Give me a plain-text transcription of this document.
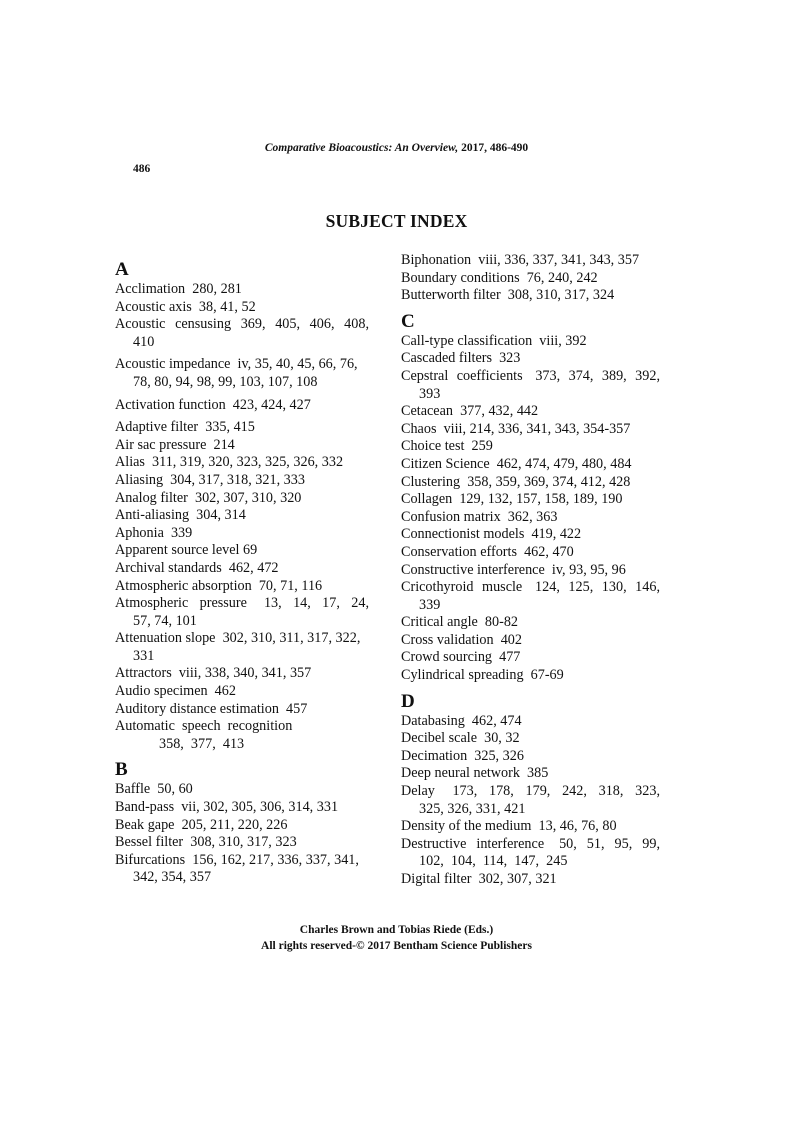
Comparative Bioacoustics: An Overview, 2017, 486-490
486
SUBJECT INDEX
A
Acclimation  280, 281
Acoustic axis  38, 41, 52
Acoustic  censusing  369,  405,  406,  408, 410
Acoustic impedance  iv, 35, 40, 45, 66, 76, 78, 80, 94, 98, 99, 103, 107, 108
Activation function  423, 424, 427
Adaptive filter  335, 415
Air sac pressure  214
Alias  311, 319, 320, 323, 325, 326, 332
Aliasing  304, 317, 318, 321, 333
Analog filter  302, 307, 310, 320
Anti-aliasing  304, 314
Aphonia  339
Apparent source level 69
Archival standards  462, 472
Atmospheric absorption  70, 71, 116
Atmospheric  pressure   13,  14,  17,  24,  57, 74, 101
Attenuation slope  302, 310, 311, 317, 322, 331
Attractors  viii, 338, 340, 341, 357
Audio specimen  462
Auditory distance estimation  457
Automatic  speech  recognition
358,  377,  413
B
Baffle  50, 60
Band-pass  vii, 302, 305, 306, 314, 331
Beak gape  205, 211, 220, 226
Bessel filter  308, 310, 317, 323
Bifurcations  156, 162, 217, 336, 337, 341, 342, 354, 357
Biphonation  viii, 336, 337, 341, 343, 357
Boundary conditions  76, 240, 242
Butterworth filter  308, 310, 317, 324
C
Call-type classification  viii, 392
Cascaded filters  323
Cepstral  coefficients   373,  374,  389,  392, 393
Cetacean  377, 432, 442
Chaos  viii, 214, 336, 341, 343, 354-357
Choice test  259
Citizen Science  462, 474, 479, 480, 484
Clustering  358, 359, 369, 374, 412, 428
Collagen  129, 132, 157, 158, 189, 190
Confusion matrix  362, 363
Connectionist models  419, 422
Conservation efforts  462, 470
Constructive interference  iv, 93, 95, 96
Cricothyroid  muscle   124,  125,  130,  146, 339
Critical angle  80-82
Cross validation  402
Crowd sourcing  477
Cylindrical spreading  67-69
D
Databasing  462, 474
Decibel scale  30, 32
Decimation  325, 326
Deep neural network  385
Delay   173,  178,  179,  242,  318,  323,  325, 326, 331, 421
Density of the medium  13, 46, 76, 80
Destructive  interference   50,  51,  95,  99, 102,  104,  114,  147,  245
Digital filter  302, 307, 321
Charles Brown and Tobias Riede (Eds.)
All rights reserved-© 2017 Bentham Science Publishers
